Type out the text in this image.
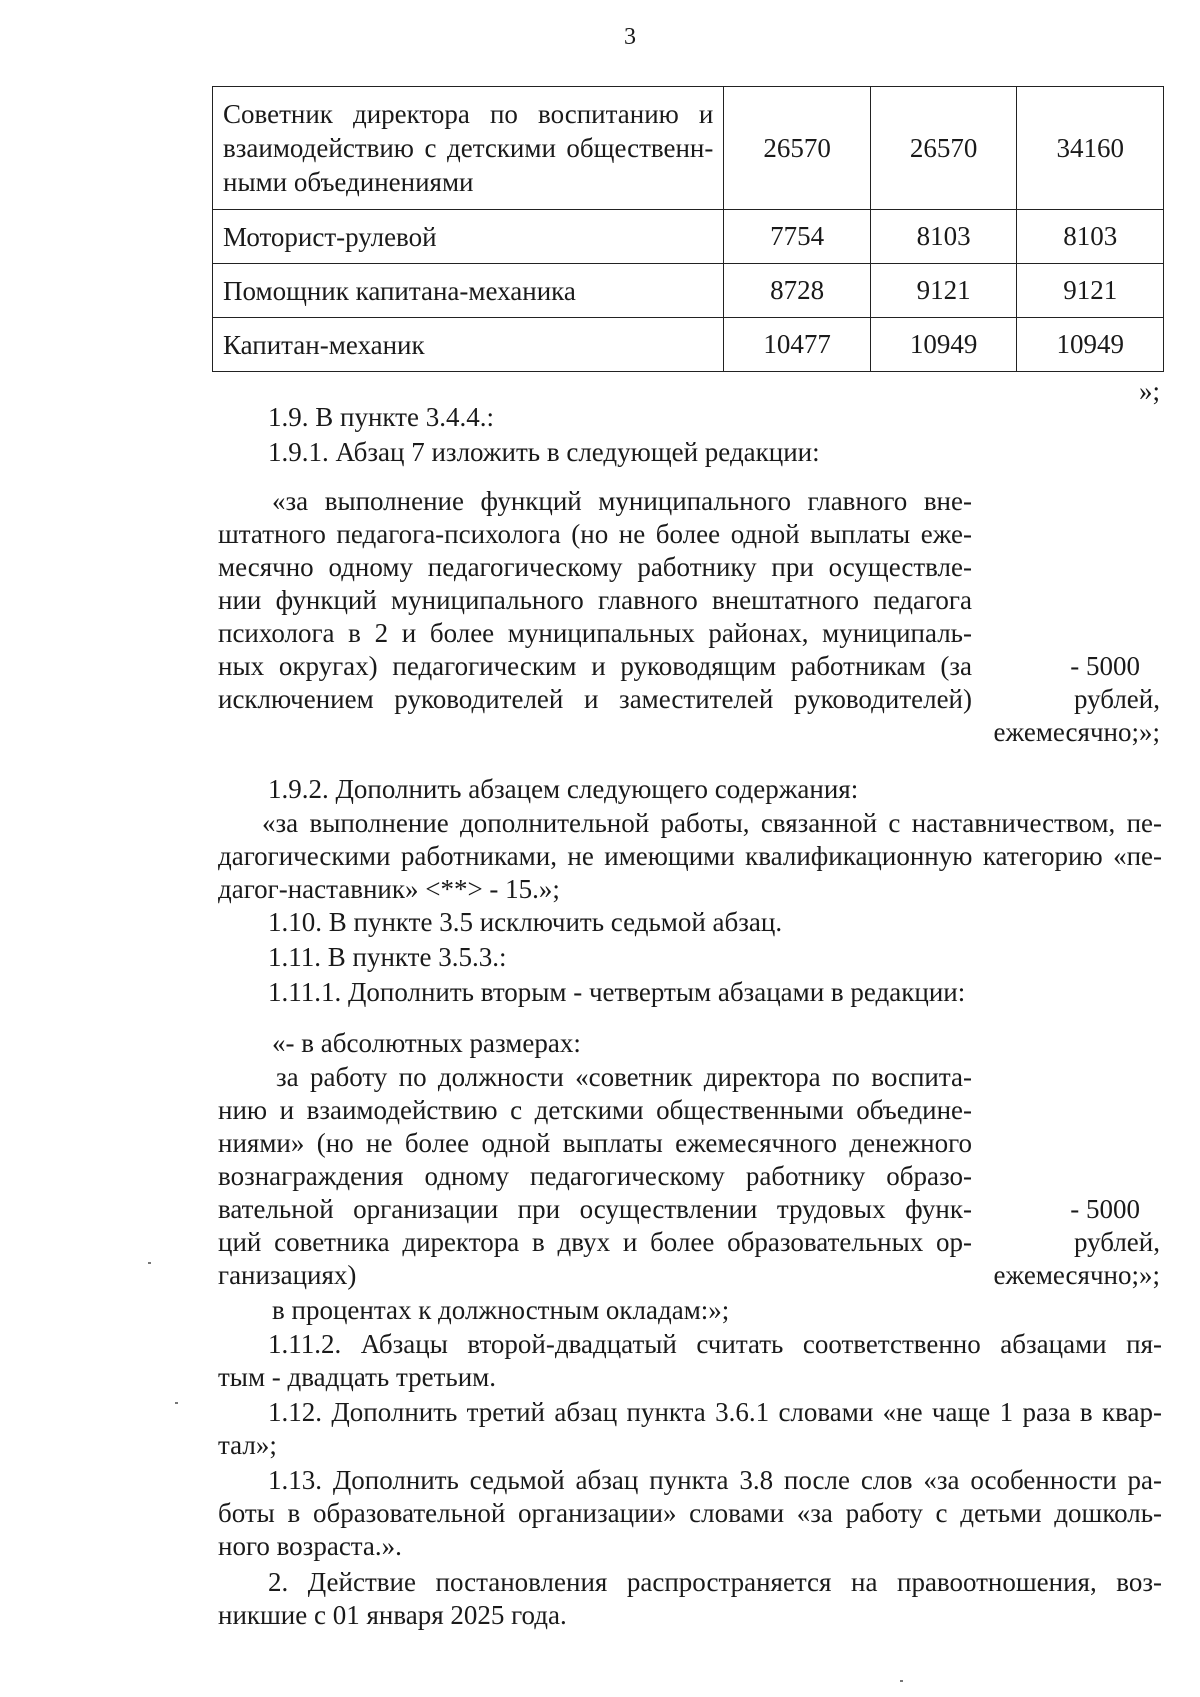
3
Советник директора по воспитанию и
взаимодействию с детскими общественн-
ными объединениями	26570	26570	34160
Моторист-рулевой	7754	8103	8103
Помощник капитана-механика	8728	9121	9121
Капитан-механик	10477	10949	10949
»;
1.9. В пункте 3.4.4.:
1.9.1. Абзац 7 изложить в следующей редакции:
«за выполнение функций муниципального главного вне-
штатного педагога-психолога (но не более одной выплаты еже-
месячно одному педагогическому работнику при осуществле-
нии функций муниципального главного внештатного педагога
психолога в 2 и более муниципальных районах, муниципаль-
ных округах) педагогическим и руководящим работникам (за
исключением руководителей и заместителей руководителей)
- 5000
рублей,
ежемесячно;»;
1.9.2. Дополнить абзацем следующего содержания:
«за выполнение дополнительной работы, связанной с наставничеством, пе-
дагогическими работниками, не имеющими квалификационную категорию «пе-
дагог-наставник» <**> - 15.»;
1.10. В пункте 3.5 исключить седьмой абзац.
1.11. В пункте 3.5.3.:
1.11.1. Дополнить вторым - четвертым абзацами в редакции:
«- в абсолютных размерах:
за работу по должности «советник директора по воспита-
нию и взаимодействию с детскими общественными объедине-
ниями» (но не более одной выплаты ежемесячного денежного
вознаграждения одному педагогическому работнику образо-
вательной организации при осуществлении трудовых функ-
ций советника директора в двух и более образовательных ор-
ганизациях)
- 5000
рублей,
ежемесячно;»;
в процентах к должностным окладам:»;
1.11.2. Абзацы второй-двадцатый считать соответственно абзацами пя-
тым - двадцать третьим.
1.12. Дополнить третий абзац пункта 3.6.1 словами «не чаще 1 раза в квар-
тал»;
1.13. Дополнить седьмой абзац пункта 3.8 после слов «за особенности ра-
боты в образовательной организации» словами «за работу с детьми дошколь-
ного возраста.».
2. Действие постановления распространяется на правоотношения, воз-
никшие с 01 января 2025 года.
